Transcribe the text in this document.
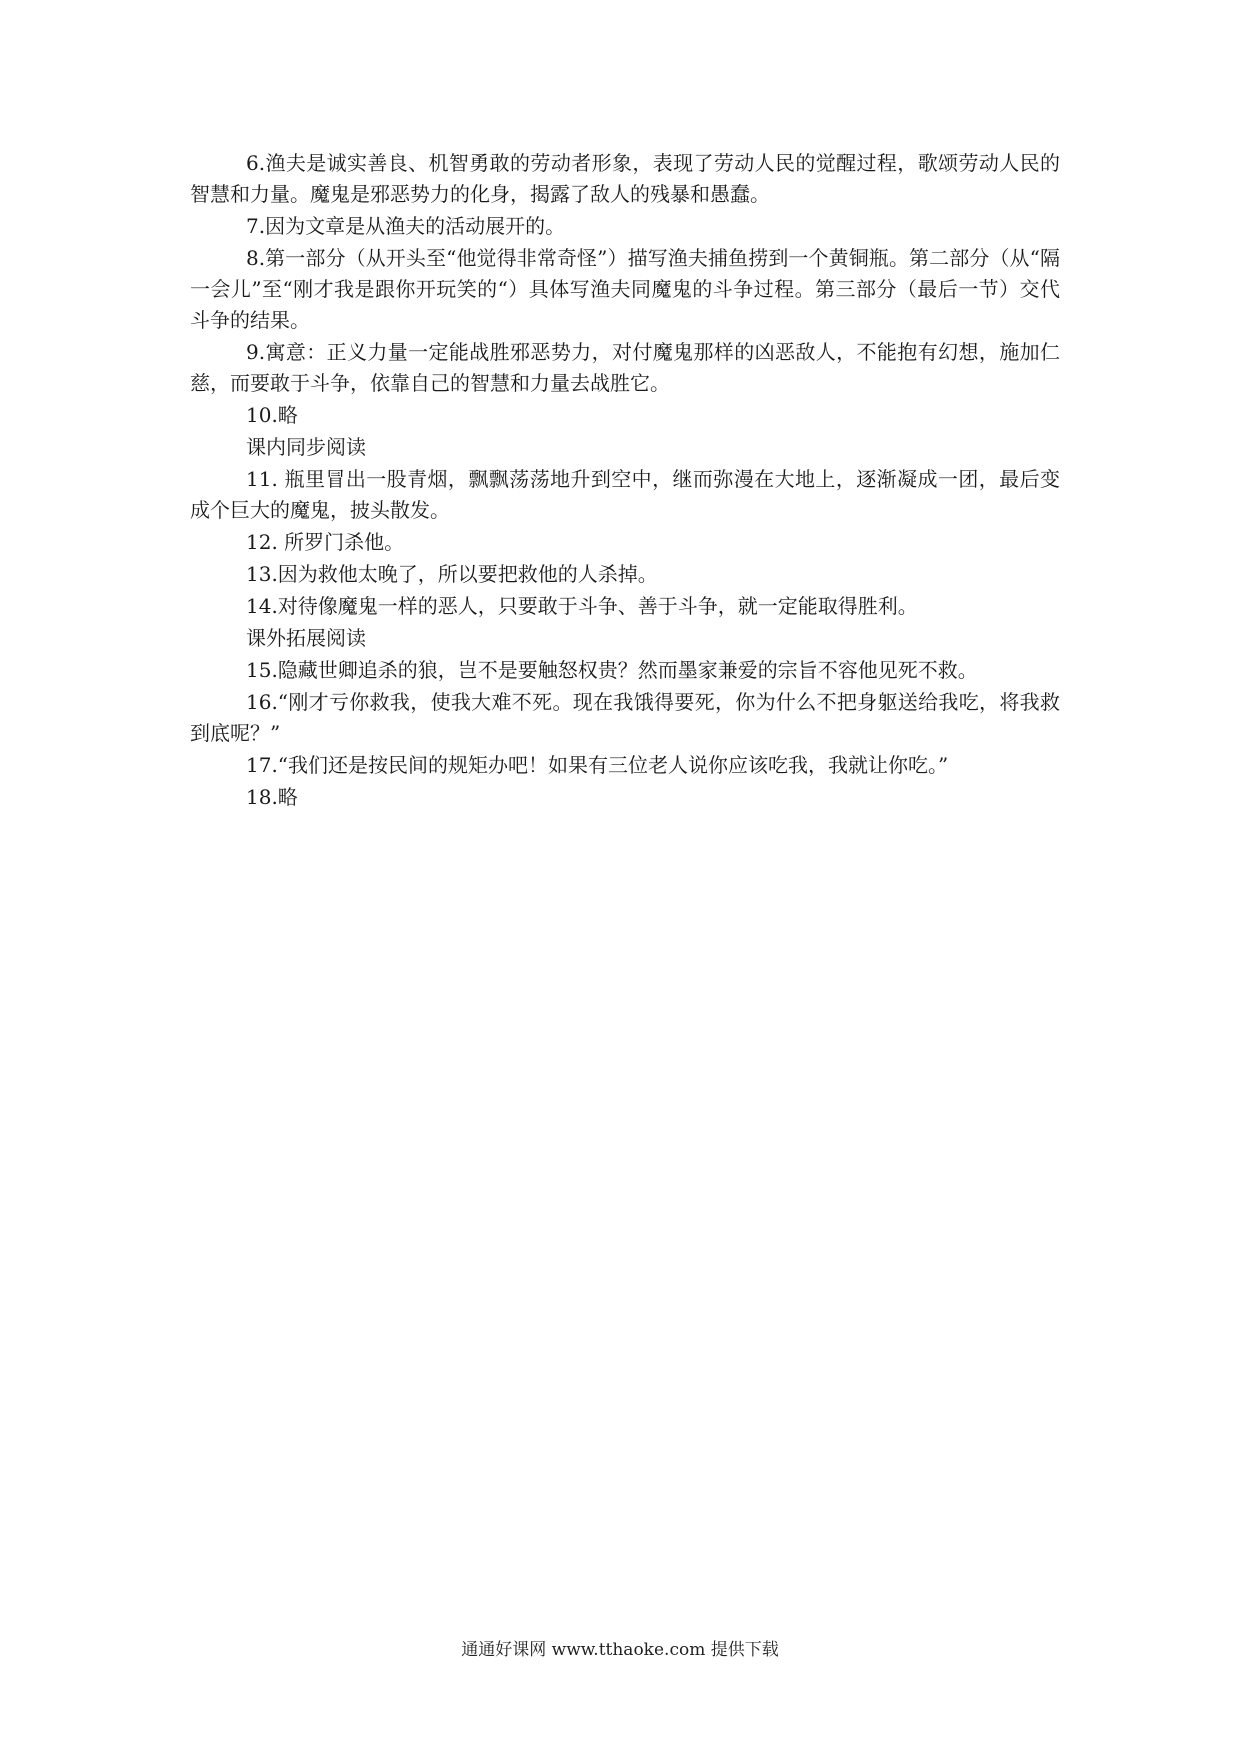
6.渔夫是诚实善良、机智勇敢的劳动者形象，表现了劳动人民的觉醒过程，歌颂劳动人民的智慧和力量。魔鬼是邪恶势力的化身，揭露了敌人的残暴和愚蠢。

7.因为文章是从渔夫的活动展开的。

8.第一部分（从开头至“他觉得非常奇怪”）描写渔夫捕鱼捞到一个黄铜瓶。第二部分（从“隔一会儿”至“刚才我是跟你开玩笑的“）具体写渔夫同魔鬼的斗争过程。第三部分（最后一节）交代斗争的结果。

9.寓意：正义力量一定能战胜邪恶势力，对付魔鬼那样的凶恶敌人，不能抱有幻想，施加仁慈，而要敢于斗争，依靠自己的智慧和力量去战胜它。

10.略

课内同步阅读

11. 瓶里冒出一股青烟，飘飘荡荡地升到空中，继而弥漫在大地上，逐渐凝成一团，最后变成个巨大的魔鬼，披头散发。

12. 所罗门杀他。

13.因为救他太晚了，所以要把救他的人杀掉。

14.对待像魔鬼一样的恶人，只要敢于斗争、善于斗争，就一定能取得胜利。

课外拓展阅读

15.隐藏世卿追杀的狼，岂不是要触怒权贵？然而墨家兼爱的宗旨不容他见死不救。

16.“刚才亏你救我，使我大难不死。现在我饿得要死，你为什么不把身躯送给我吃，将我救到底呢？”

17.“我们还是按民间的规矩办吧！如果有三位老人说你应该吃我，我就让你吃。”

18.略

通通好课网 www.tthaoke.com 提供下载
